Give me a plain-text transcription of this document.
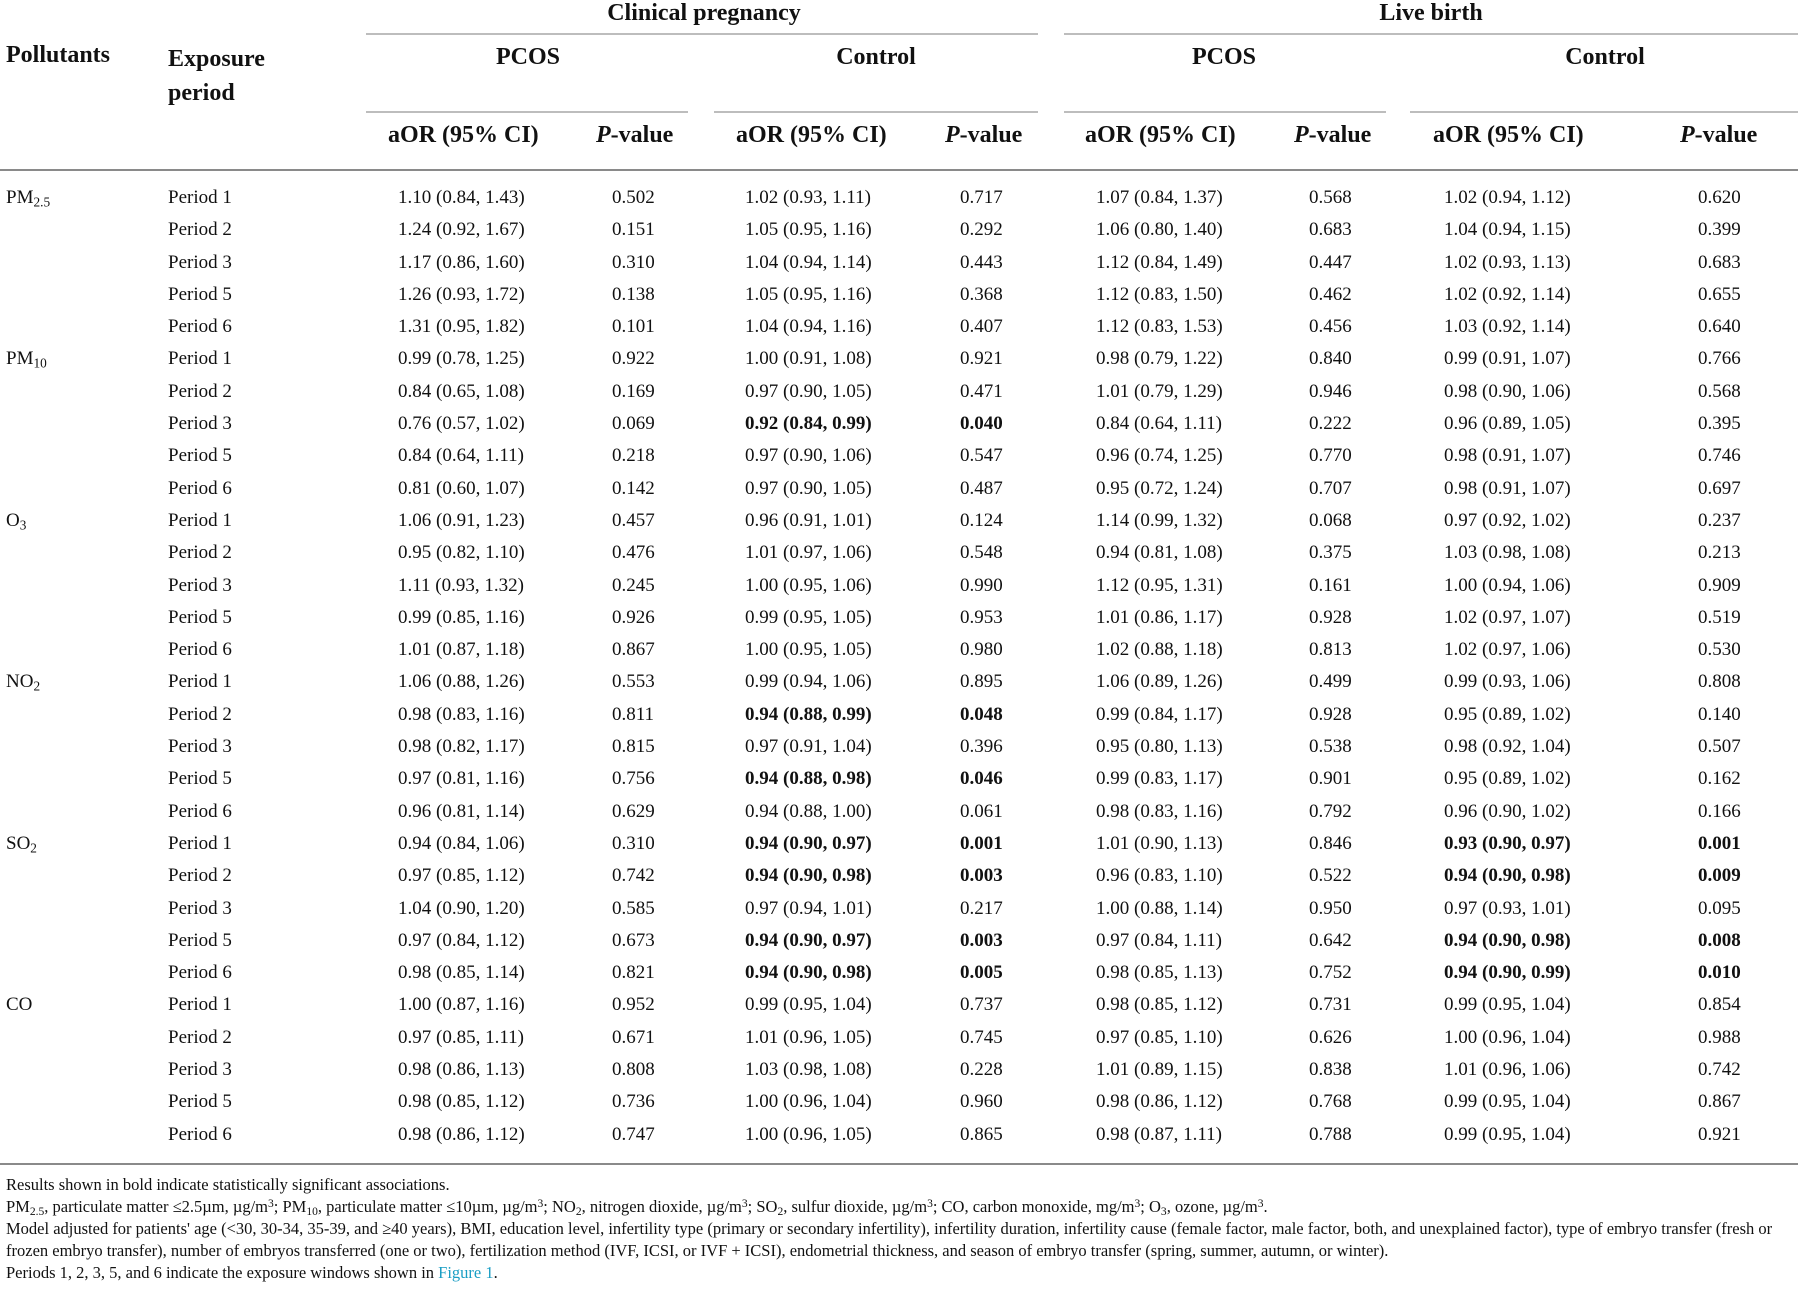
Pollutants Exposure
period
Clinical pregnancy	Live birth
PCOS	Control	PCOS	Control
aOR (95% CI) P-value	aOR (95% CI) P-value	aOR (95% CI) P-value	aOR (95% CI)	P-value
$PM_{2.5}$	Period 1	1.10 (0.84, 1.43)	0.502	1.02 (0.93, 1.11)	0.717	1.07 (0.84, 1.37)	0.568	1.02 (0.94, 1.12)	0.620
Period 2	1.24 (0.92, 1.67)	0.151	1.05 (0.95, 1.16)	0.292	1.06 (0.80, 1.40)	0.683	1.04 (0.94, 1.15)	0.399
Period 3	1.17 (0.86, 1.60)	0.310	1.04 (0.94, 1.14)	0.443	1.12 (0.84, 1.49)	0.447	1.02 (0.93, 1.13)	0.683
Period 5	1.26 (0.93, 1.72)	0.138	1.05 (0.95, 1.16)	0.368	1.12 (0.83, 1.50)	0.462	1.02 (0.92, 1.14)	0.655
Period 6	1.31 (0.95, 1.82)	0.101	1.04 (0.94, 1.16)	0.407	1.12 (0.83, 1.53)	0.456	1.03 (0.92, 1.14)	0.640
$PM_{10}$	Period 1	0.99 (0.78, 1.25)	0.922	1.00 (0.91, 1.08)	0.921	0.98 (0.79, 1.22)	0.840	0.99 (0.91, 1.07)	0.766
Period 2	0.84 (0.65, 1.08)	0.169	0.97 (0.90, 1.05)	0.471	1.01 (0.79, 1.29)	0.946	0.98 (0.90, 1.06)	0.568
Period 3	0.76 (0.57, 1.02)	0.069	0.92 (0.84, 0.99)	0.040	0.84 (0.64, 1.11)	0.222	0.96 (0.89, 1.05)	0.395
Period 5	0.84 (0.64, 1.11)	0.218	0.97 (0.90, 1.06)	0.547	0.96 (0.74, 1.25)	0.770	0.98 (0.91, 1.07)	0.746
Period 6	0.81 (0.60, 1.07)	0.142	0.97 (0.90, 1.05)	0.487	0.95 (0.72, 1.24)	0.707	0.98 (0.91, 1.07)	0.697
$O_3$	Period 1	1.06 (0.91, 1.23)	0.457	0.96 (0.91, 1.01)	0.124	1.14 (0.99, 1.32)	0.068	0.97 (0.92, 1.02)	0.237
Period 2	0.95 (0.82, 1.10)	0.476	1.01 (0.97, 1.06)	0.548	0.94 (0.81, 1.08)	0.375	1.03 (0.98, 1.08)	0.213
Period 3	1.11 (0.93, 1.32)	0.245	1.00 (0.95, 1.06)	0.990	1.12 (0.95, 1.31)	0.161	1.00 (0.94, 1.06)	0.909
Period 5	0.99 (0.85, 1.16)	0.926	0.99 (0.95, 1.05)	0.953	1.01 (0.86, 1.17)	0.928	1.02 (0.97, 1.07)	0.519
Period 6	1.01 (0.87, 1.18)	0.867	1.00 (0.95, 1.05)	0.980	1.02 (0.88, 1.18)	0.813	1.02 (0.97, 1.06)	0.530
$NO_2$	Period 1	1.06 (0.88, 1.26)	0.553	0.99 (0.94, 1.06)	0.895	1.06 (0.89, 1.26)	0.499	0.99 (0.93, 1.06)	0.808
Period 2	0.98 (0.83, 1.16)	0.811	0.94 (0.88, 0.99)	0.048	0.99 (0.84, 1.17)	0.928	0.95 (0.89, 1.02)	0.140
Period 3	0.98 (0.82, 1.17)	0.815	0.97 (0.91, 1.04)	0.396	0.95 (0.80, 1.13)	0.538	0.98 (0.92, 1.04)	0.507
Period 5	0.97 (0.81, 1.16)	0.756	0.94 (0.88, 0.98)	0.046	0.99 (0.83, 1.17)	0.901	0.95 (0.89, 1.02)	0.162
Period 6	0.96 (0.81, 1.14)	0.629	0.94 (0.88, 1.00)	0.061	0.98 (0.83, 1.16)	0.792	0.96 (0.90, 1.02)	0.166
$SO_2$	Period 1	0.94 (0.84, 1.06)	0.310	0.94 (0.90, 0.97)	0.001	1.01 (0.90, 1.13)	0.846	0.93 (0.90, 0.97)	0.001
Period 2	0.97 (0.85, 1.12)	0.742	0.94 (0.90, 0.98)	0.003	0.96 (0.83, 1.10)	0.522	0.94 (0.90, 0.98)	0.009
Period 3	1.04 (0.90, 1.20)	0.585	0.97 (0.94, 1.01)	0.217	1.00 (0.88, 1.14)	0.950	0.97 (0.93, 1.01)	0.095
Period 5	0.97 (0.84, 1.12)	0.673	0.94 (0.90, 0.97)	0.003	0.97 (0.84, 1.11)	0.642	0.94 (0.90, 0.98)	0.008
Period 6	0.98 (0.85, 1.14)	0.821	0.94 (0.90, 0.98)	0.005	0.98 (0.85, 1.13)	0.752	0.94 (0.90, 0.99)	0.010
CO	Period 1	1.00 (0.87, 1.16)	0.952	0.99 (0.95, 1.04)	0.737	0.98 (0.85, 1.12)	0.731	0.99 (0.95, 1.04)	0.854
Period 2	0.97 (0.85, 1.11)	0.671	1.01 (0.96, 1.05)	0.745	0.97 (0.85, 1.10)	0.626	1.00 (0.96, 1.04)	0.988
Period 3	0.98 (0.86, 1.13)	0.808	1.03 (0.98, 1.08)	0.228	1.01 (0.89, 1.15)	0.838	1.01 (0.96, 1.06)	0.742
Period 5	0.98 (0.85, 1.12)	0.736	1.00 (0.96, 1.04)	0.960	0.98 (0.86, 1.12)	0.768	0.99 (0.95, 1.04)	0.867
Period 6	0.98 (0.86, 1.12)	0.747	1.00 (0.96, 1.05)	0.865	0.98 (0.87, 1.11)	0.788	0.99 (0.95, 1.04)	0.921
Results shown in bold indicate statistically significant associations.
$PM_{2.5}$, particulate matter ≤2.5µm, $\mu g/m^3$; $PM_{10}$, particulate matter ≤10µm, $\mu g/m^3$; $NO_2$, nitrogen dioxide, $\mu g/m^3$; $SO_2$, sulfur dioxide, $\mu g/m^3$; CO, carbon monoxide, $mg/m^3$; $O_3$, ozone, $\mu g/m^3$.
Model adjusted for patients' age (<30, 30-34, 35-39, and ≥40 years), BMI, education level, infertility type (primary or secondary infertility), infertility duration, infertility cause (female factor, male factor, both, and unexplained factor), type of embryo transfer (fresh or frozen embryo transfer), number of embryos transferred (one or two), fertilization method (IVF, ICSI, or IVF + ICSI), endometrial thickness, and season of embryo transfer (spring, summer, autumn, or winter).
Periods 1, 2, 3, 5, and 6 indicate the exposure windows shown in Figure 1.
